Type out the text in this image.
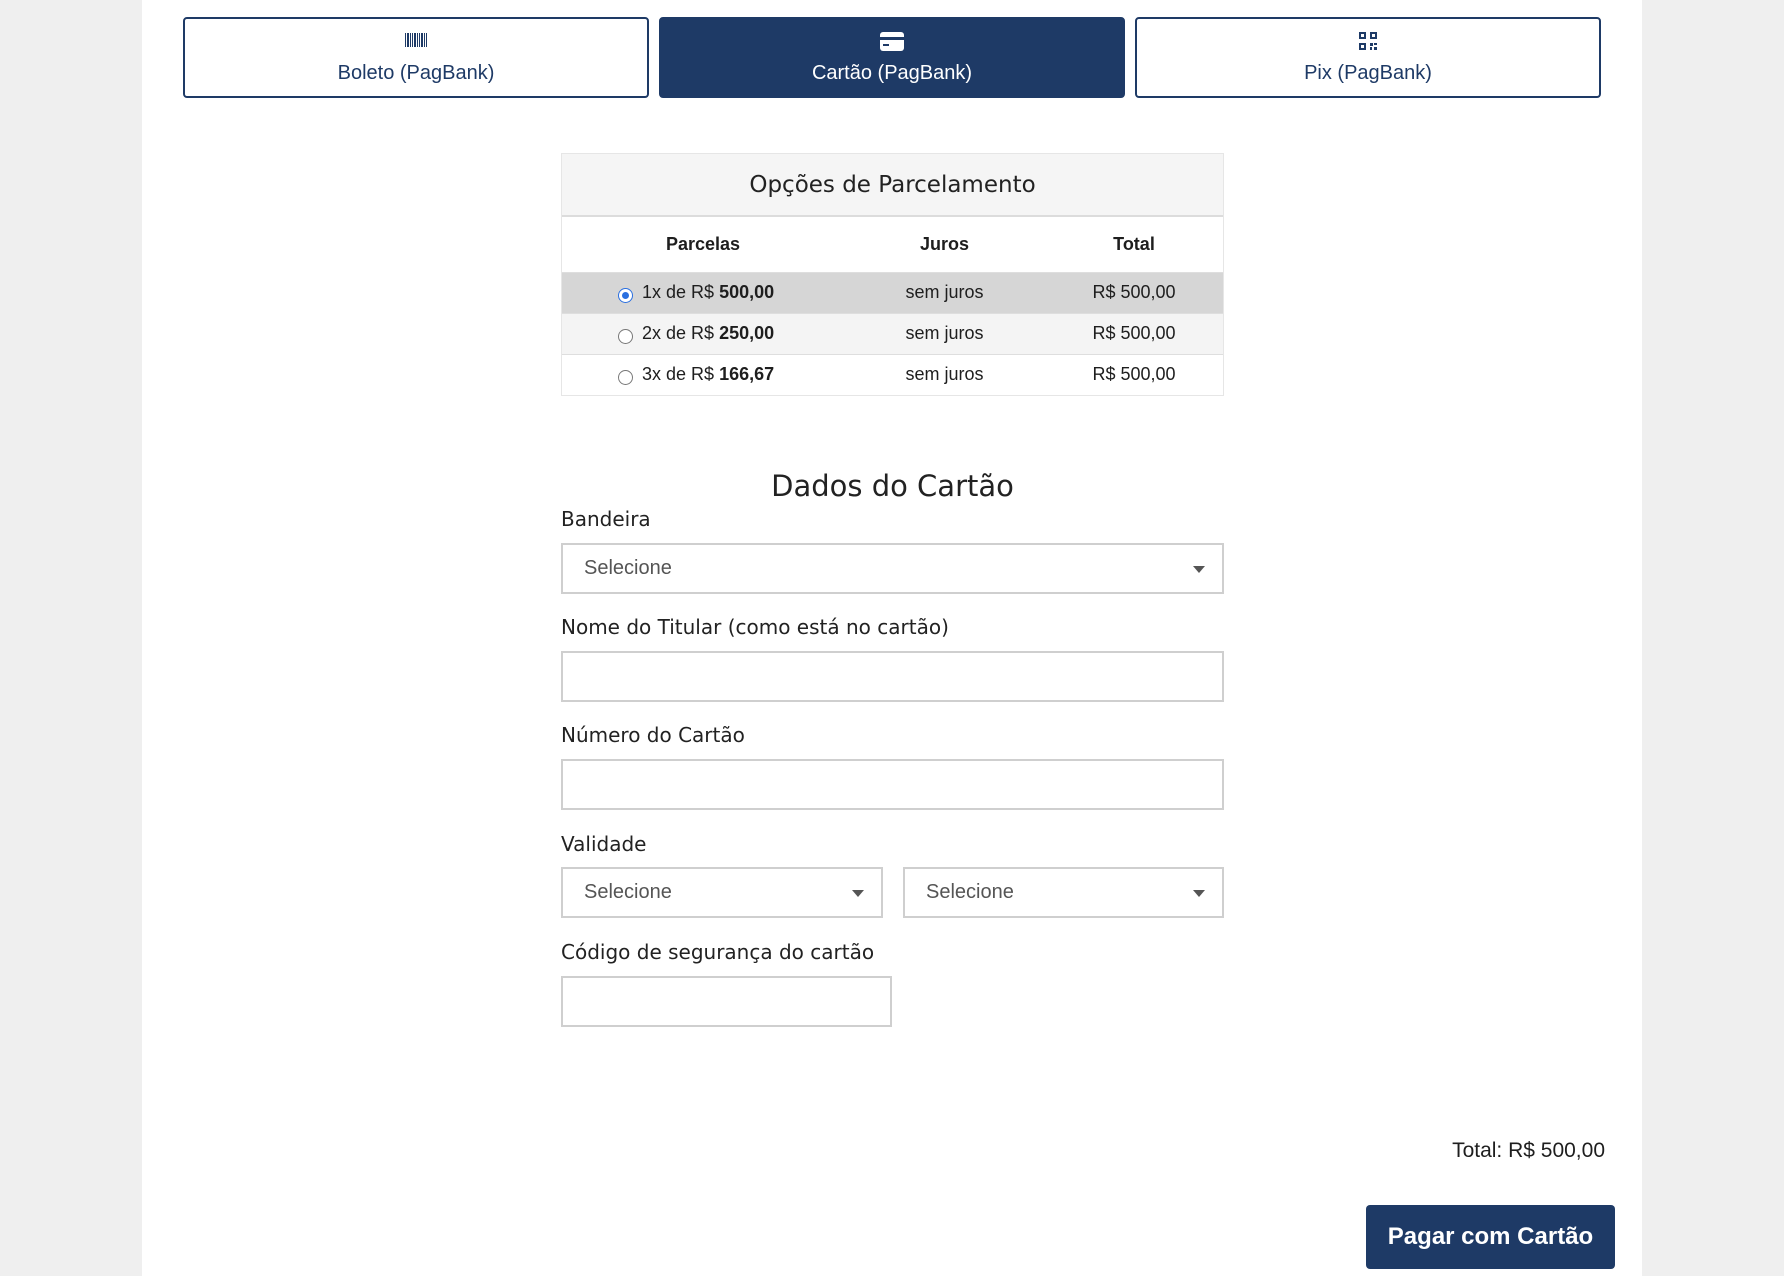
Boleto (PagBank)	Cartão (PagBank)	Pix (PagBank)
Opções de Parcelamento
Parcelas	Juros	Total
1x de R$ 500,00	sem juros	R$ 500,00
2x de R$ 250,00	sem juros	R$ 500,00
3x de R$ 166,67	sem juros	R$ 500,00
Dados do Cartão
Bandeira
Selecione
Nome do Titular (como está no cartão)
Número do Cartão
Validade
Selecione	Selecione
Código de segurança do cartão
Total: R$ 500,00
Pagar com Cartão
